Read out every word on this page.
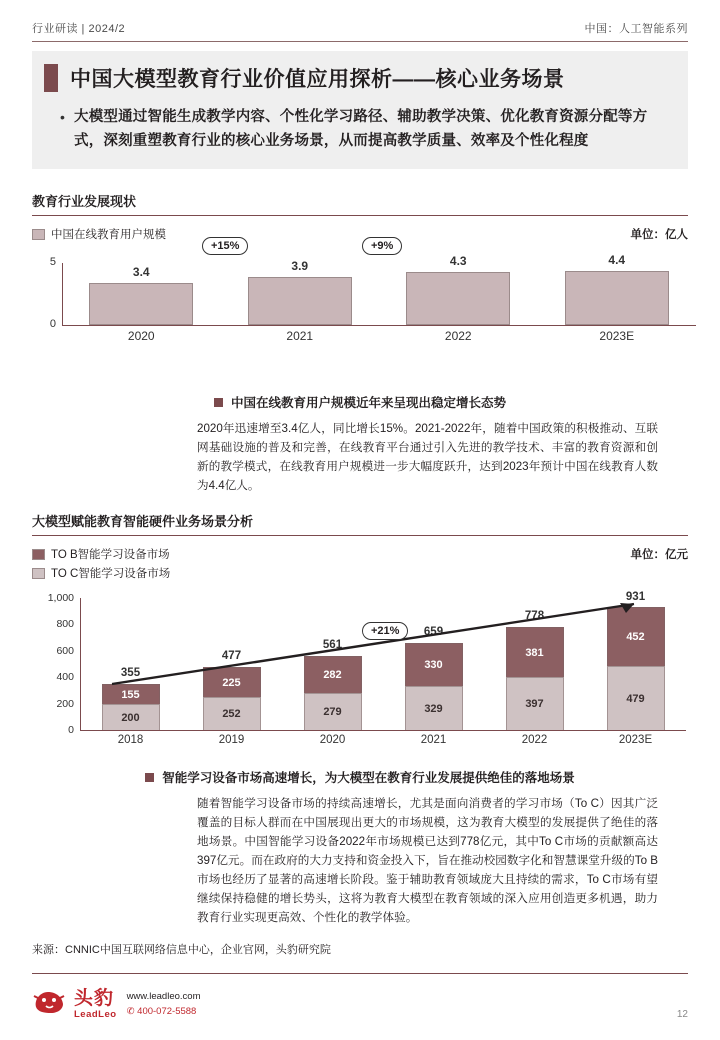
行业研读 | 2024/2	中国：人工智能系列
中国大模型教育行业价值应用探析——核心业务场景
• 大模型通过智能生成教学内容、个性化学习路径、辅助教学决策、优化教育资源分配等方式，深刻重塑教育行业的核心业务场景，从而提高教学质量、效率及个性化程度
教育行业发展现状
中国在线教育用户规模	单位：亿人
5
0
3.4	3.9	4.3	4.4
+15%	+9%
2020	2021	2022	2023E
中国在线教育用户规模近年来呈现出稳定增长态势
2020年迅速增至3.4亿人，同比增长15%。2021-2022年，随着中国政策的积极推动、互联网基础设施的普及和完善，在线教育平台通过引入先进的教学技术、丰富的教育资源和创新的教学模式，在线教育用户规模进一步大幅度跃升，达到2023年预计中国在线教育人数为4.4亿人。
大模型赋能教育智能硬件业务场景分析
TO B智能学习设备市场
TO C智能学习设备市场
单位：亿元
1,000
800
600
400
200
0
355
155
200
477
225
252
561
282
279
659
330
329
778
381
397
931
452
479
+21%
2018	2019	2020	2021	2022	2023E
智能学习设备市场高速增长，为大模型在教育行业发展提供绝佳的落地场景
随着智能学习设备市场的持续高速增长，尤其是面向消费者的学习市场（To C）因其广泛覆盖的目标人群而在中国展现出更大的市场规模，这为教育大模型的发展提供了绝佳的落地场景。中国智能学习设备2022年市场规模已达到778亿元，其中To C市场的贡献额高达397亿元。而在政府的大力支持和资金投入下，旨在推动校园数字化和智慧课堂升级的To B市场也经历了显著的高速增长阶段。鉴于辅助教育领域庞大且持续的需求，To C市场有望继续保持稳健的增长势头，这将为教育大模型在教育领域的深入应用创造更多机遇，助力教育行业实现更高效、个性化的教学体验。
来源：CNNIC中国互联网络信息中心，企业官网，头豹研究院
头豹
LeadLeo
www.leadleo.com
✆ 400-072-5588	12
